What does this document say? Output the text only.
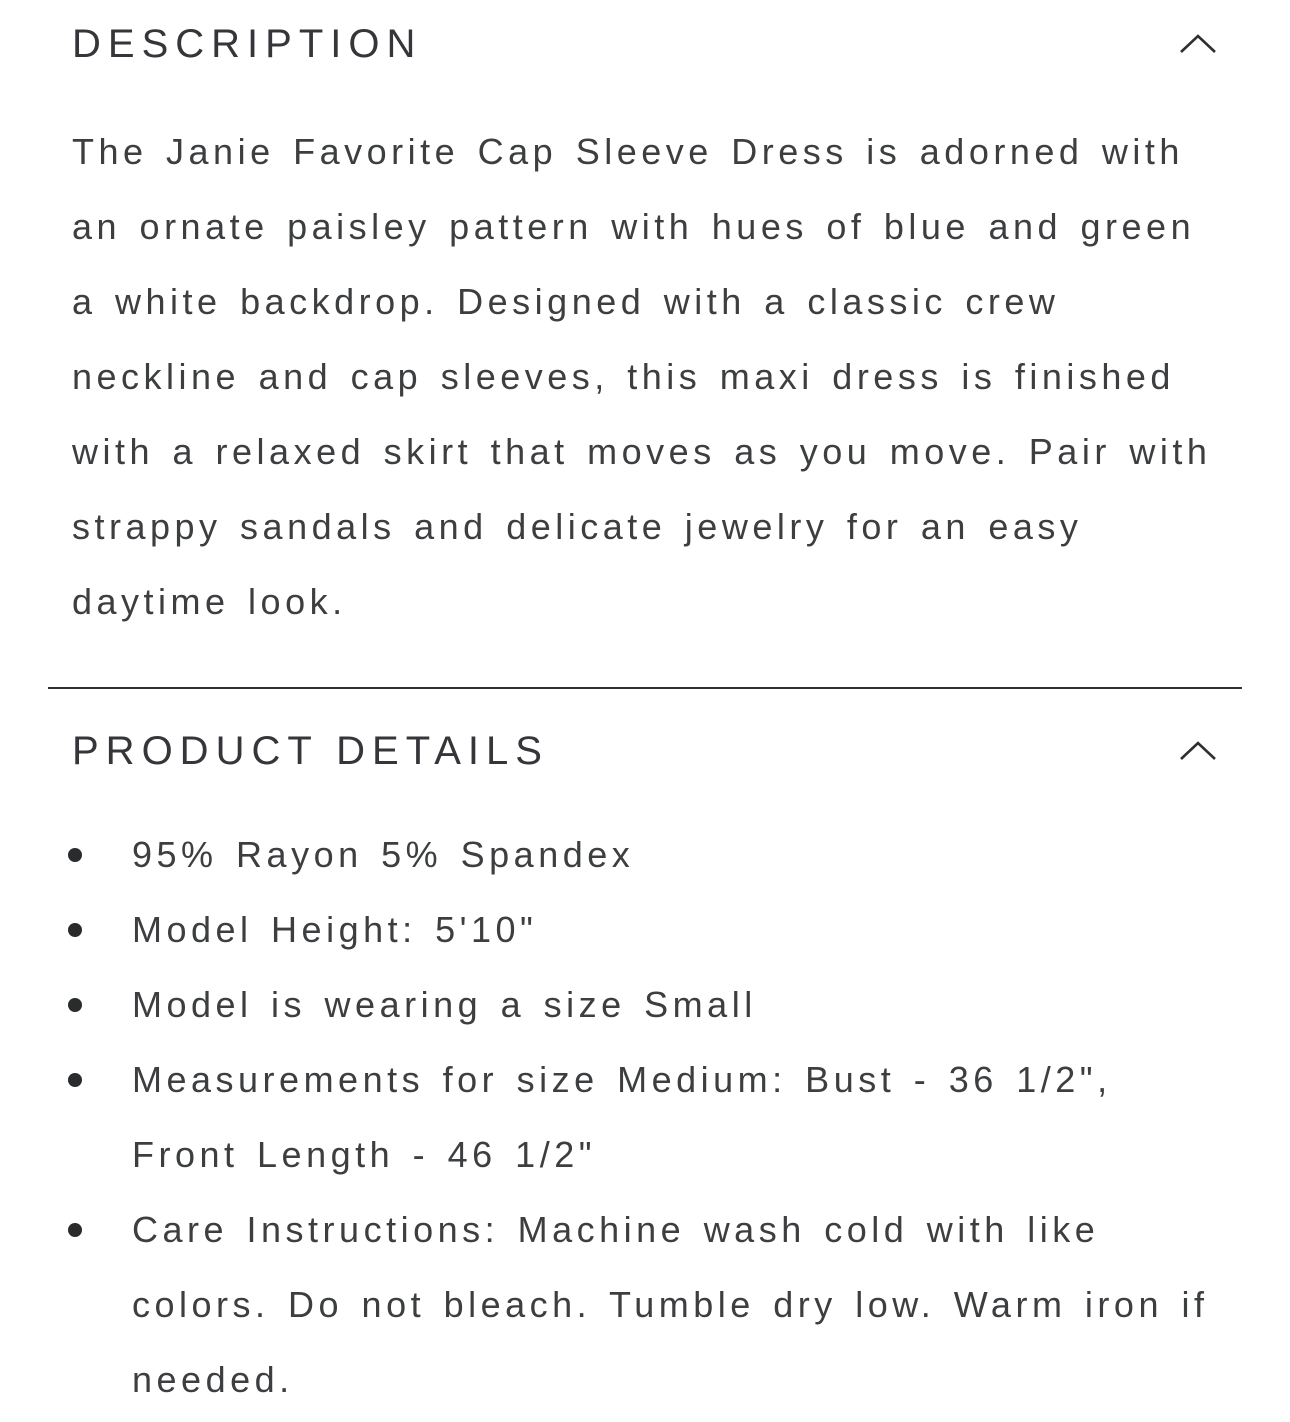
DESCRIPTION

The Janie Favorite Cap Sleeve Dress is adorned with an ornate paisley pattern with hues of blue and green a white backdrop. Designed with a classic crew neckline and cap sleeves, this maxi dress is finished with a relaxed skirt that moves as you move. Pair with strappy sandals and delicate jewelry for an easy daytime look.

PRODUCT DETAILS
95% Rayon 5% Spandex
Model Height: 5'10"
Model is wearing a size Small
Measurements for size Medium: Bust - 36 1/2", Front Length - 46 1/2"
Care Instructions: Machine wash cold with like colors. Do not bleach. Tumble dry low. Warm iron if needed.
